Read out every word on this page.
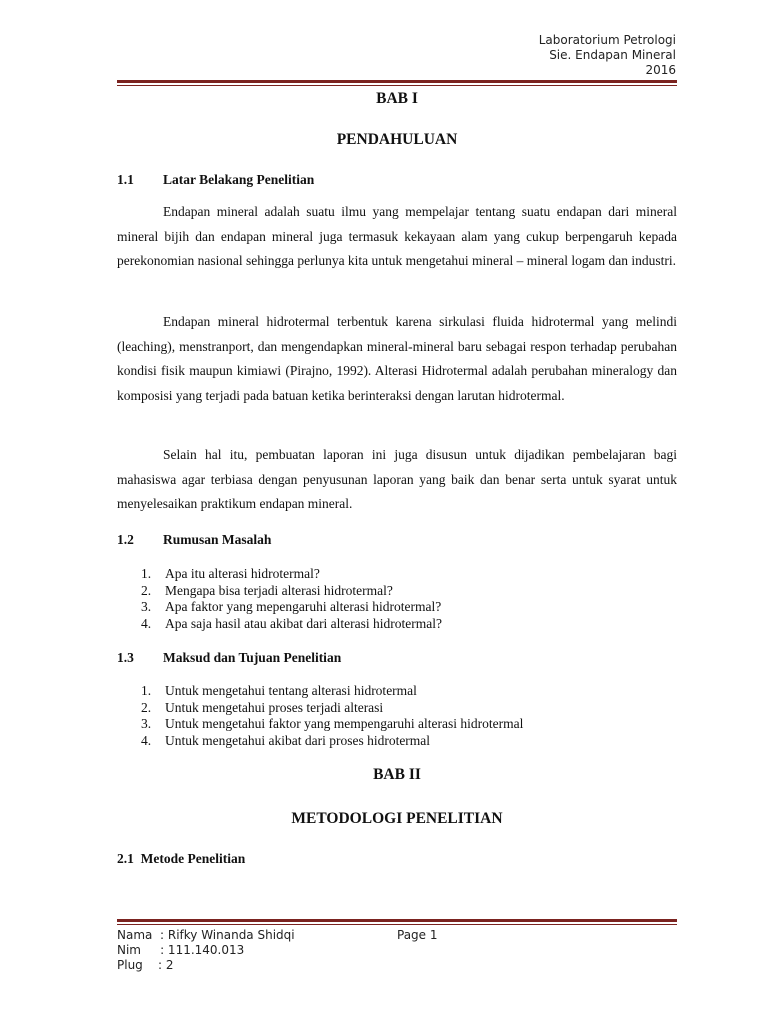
Laboratorium Petrologi
Sie. Endapan Mineral
2016
BAB I
PENDAHULUAN
1.1 Latar Belakang Penelitian

Endapan mineral adalah suatu ilmu yang mempelajar tentang suatu endapan dari mineral mineral bijih dan endapan mineral juga termasuk kekayaan alam yang cukup berpengaruh kepada perekonomian nasional sehingga perlunya kita untuk mengetahui mineral – mineral logam dan industri.

Endapan mineral hidrotermal terbentuk karena sirkulasi fluida hidrotermal yang melindi (leaching), menstranport, dan mengendapkan mineral-mineral baru sebagai respon terhadap perubahan kondisi fisik maupun kimiawi (Pirajno, 1992). Alterasi Hidrotermal adalah perubahan mineralogy dan komposisi yang terjadi pada batuan ketika berinteraksi dengan larutan hidrotermal.

Selain hal itu, pembuatan laporan ini juga disusun untuk dijadikan pembelajaran bagi mahasiswa agar terbiasa dengan penyusunan laporan yang baik dan benar serta untuk syarat untuk menyelesaikan praktikum endapan mineral.

1.2 Rumusan Masalah
1.	Apa itu alterasi hidrotermal?
2.	Mengapa bisa terjadi alterasi hidrotermal?
3.	Apa faktor yang mepengaruhi alterasi hidrotermal?
4.	Apa saja hasil atau akibat dari alterasi hidrotermal?
1.3 Maksud dan Tujuan Penelitian
1.	Untuk mengetahui tentang alterasi hidrotermal
2.	Untuk mengetahui proses terjadi alterasi
3.	Untuk mengetahui faktor yang mempengaruhi alterasi hidrotermal
4.	Untuk mengetahui akibat dari proses hidrotermal
BAB II
METODOLOGI PENELITIAN
2.1 Metode Penelitian
Nama  : Rifky Winanda Shidqi
Nim     : 111.140.013
Plug    : 2
Page 1
